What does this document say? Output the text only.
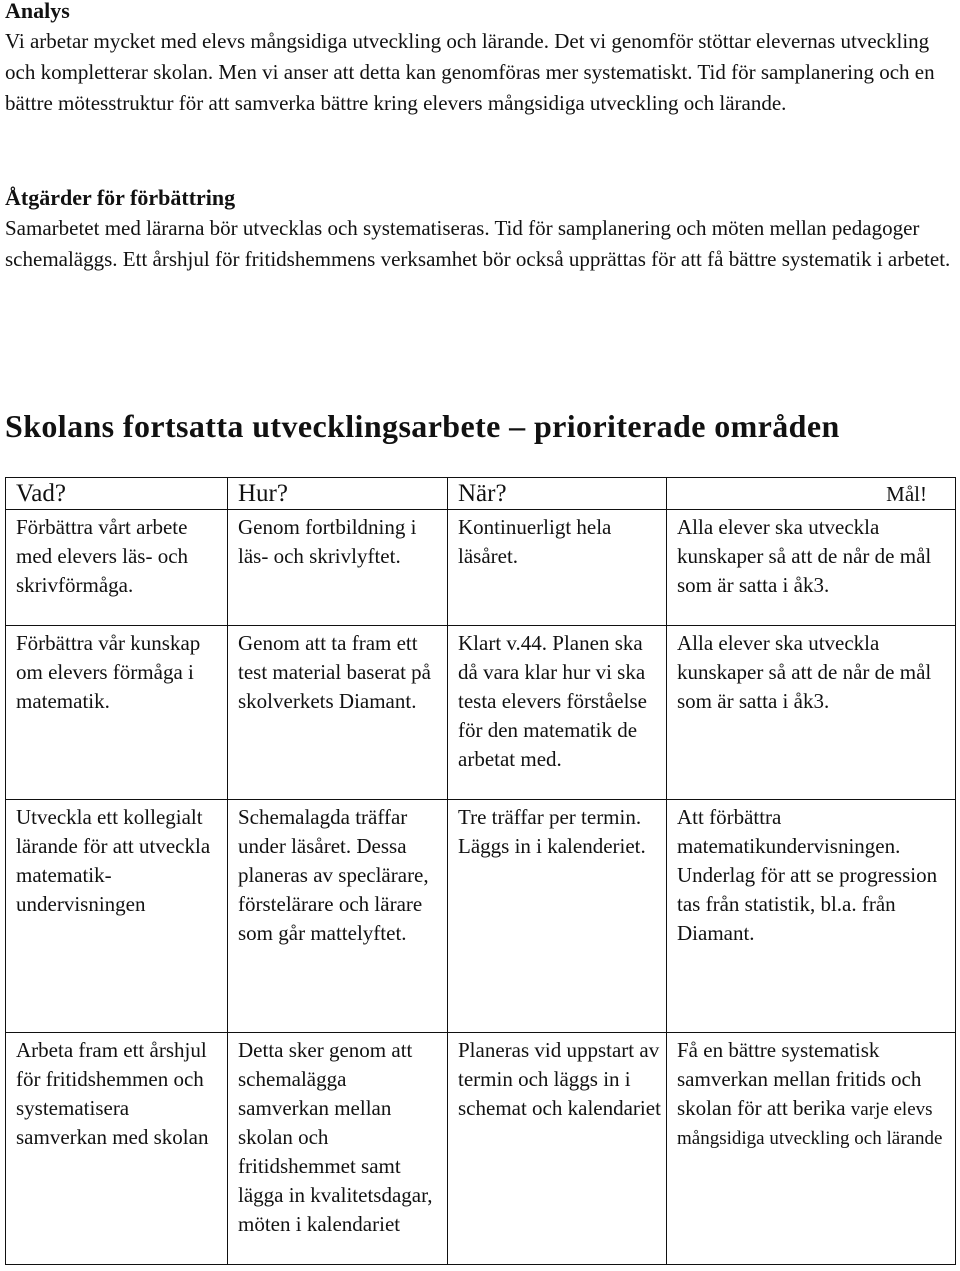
Analys

Vi arbetar mycket med elevs mångsidiga utveckling och lärande. Det vi genomför stöttar elevernas utveckling och kompletterar skolan. Men vi anser att detta kan genomföras mer systematiskt. Tid för samplanering och en bättre mötesstruktur för att samverka bättre kring elevers mångsidiga utveckling och lärande.

Åtgärder för förbättring

Samarbetet med lärarna bör utvecklas och systematiseras. Tid för samplanering och möten mellan pedagoger schemaläggs. Ett årshjul för fritidshemmens verksamhet bör också upprättas för att få bättre systematik i arbetet.

Skolans fortsatta utvecklingsarbete – prioriterade områden
Vad?	Hur?	När?	Mål!
Förbättra vårt arbete med elevers läs- och skrivförmåga.	Genom fortbildning i läs- och skrivlyftet.	Kontinuerligt hela läsåret.	Alla elever ska utveckla kunskaper så att de når de mål som är satta i åk3.
Förbättra vår kunskap om elevers förmåga i matematik.	Genom att ta fram ett test material baserat på skolverkets Diamant.	Klart v.44. Planen ska då vara klar hur vi ska testa elevers förståelse för den matematik de arbetat med.	Alla elever ska utveckla kunskaper så att de når de mål som är satta i åk3.
Utveckla ett kollegialt lärande för att utveckla matematik-undervisningen	Schemalagda träffar under läsåret. Dessa planeras av speclärare, förstelärare och lärare som går mattelyftet.	Tre träffar per termin. Läggs in i kalenderiet.	Att förbättra matematikundervisningen. Underlag för att se progression tas från statistik, bl.a. från Diamant.
Arbeta fram ett årshjul för fritidshemmen och systematisera samverkan med skolan	Detta sker genom att schemalägga samverkan mellan skolan och fritidshemmet samt lägga in kvalitetsdagar, möten i kalendariet	Planeras vid uppstart av termin och läggs in i schemat och kalendariet	Få en bättre systematisk samverkan mellan fritids och skolan för att berika varje elevs mångsidiga utveckling och lärande
